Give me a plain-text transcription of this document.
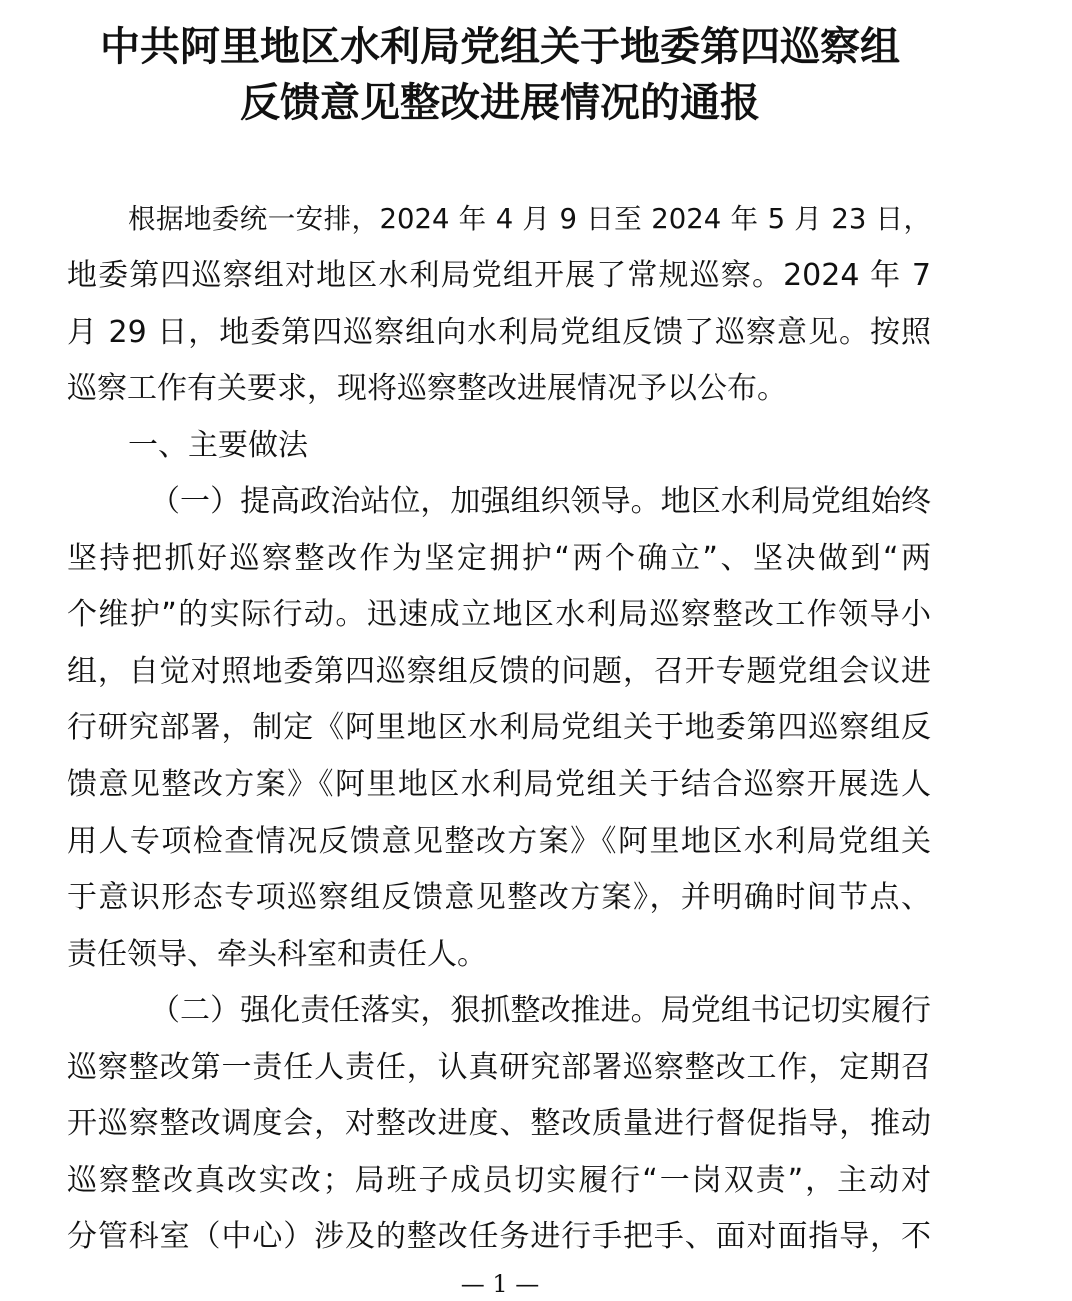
中共阿里地区水利局党组关于地委第四巡察组
反馈意见整改进展情况的通报
根据地委统一安排，2024 年 4 月 9 日至 2024 年 5 月 23 日，
地委第四巡察组对地区水利局党组开展了常规巡察。2024 年 7
月 29 日，地委第四巡察组向水利局党组反馈了巡察意见。按照
巡察工作有关要求，现将巡察整改进展情况予以公布。
一、主要做法
（一）提高政治站位，加强组织领导。地区水利局党组始终
坚持把抓好巡察整改作为坚定拥护“两个确立”、坚决做到“两
个维护”的实际行动。迅速成立地区水利局巡察整改工作领导小
组，自觉对照地委第四巡察组反馈的问题，召开专题党组会议进
行研究部署，制定《阿里地区水利局党组关于地委第四巡察组反
馈意见整改方案》《阿里地区水利局党组关于结合巡察开展选人
用人专项检查情况反馈意见整改方案》《阿里地区水利局党组关
于意识形态专项巡察组反馈意见整改方案》，并明确时间节点、
责任领导、牵头科室和责任人。
（二）强化责任落实，狠抓整改推进。局党组书记切实履行
巡察整改第一责任人责任，认真研究部署巡察整改工作，定期召
开巡察整改调度会，对整改进度、整改质量进行督促指导，推动
巡察整改真改实改；局班子成员切实履行“一岗双责”，主动对
分管科室（中心）涉及的整改任务进行手把手、面对面指导，不
— 1 —
